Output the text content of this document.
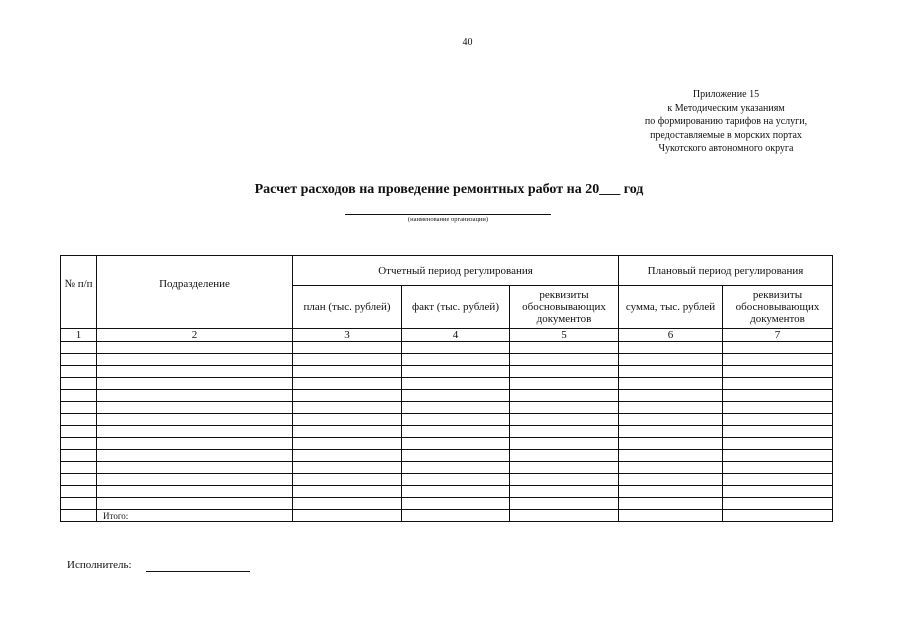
40
Приложение 15
к Методическим указаниям
по формированию тарифов на услуги,
предоставляемые в морских портах
Чукотского автономного округа
Расчет расходов на проведение ремонтных работ на 20___ год
(наименование организации)
№ п/п	Подразделение	Отчетный период регулирования			Плановый период регулирования	
		план (тыс. рублей)	факт (тыс. рублей)	реквизиты обосновывающих документов	сумма, тыс. рублей	реквизиты обосновывающих документов
1	2	3	4	5	6	7

	Итого:					
Исполнитель:
